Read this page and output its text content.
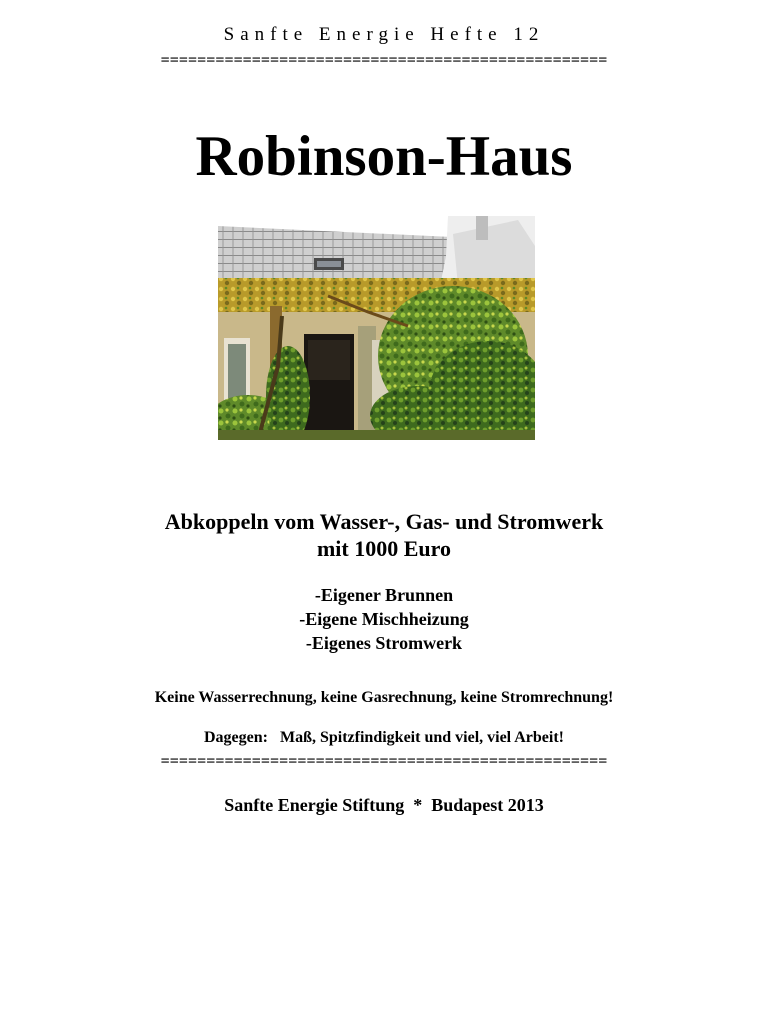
Sanfte Energie Hefte 12
=================================================
Robinson-Haus
Abkoppeln vom Wasser-, Gas- und Stromwerk
mit 1000 Euro
-Eigener Brunnen
-Eigene Mischheizung
-Eigenes Stromwerk
Keine Wasserrechnung, keine Gasrechnung, keine Stromrechnung!
Dagegen:   Maß, Spitzfindigkeit und viel, viel Arbeit!
=================================================
Sanfte Energie Stiftung  *  Budapest 2013
